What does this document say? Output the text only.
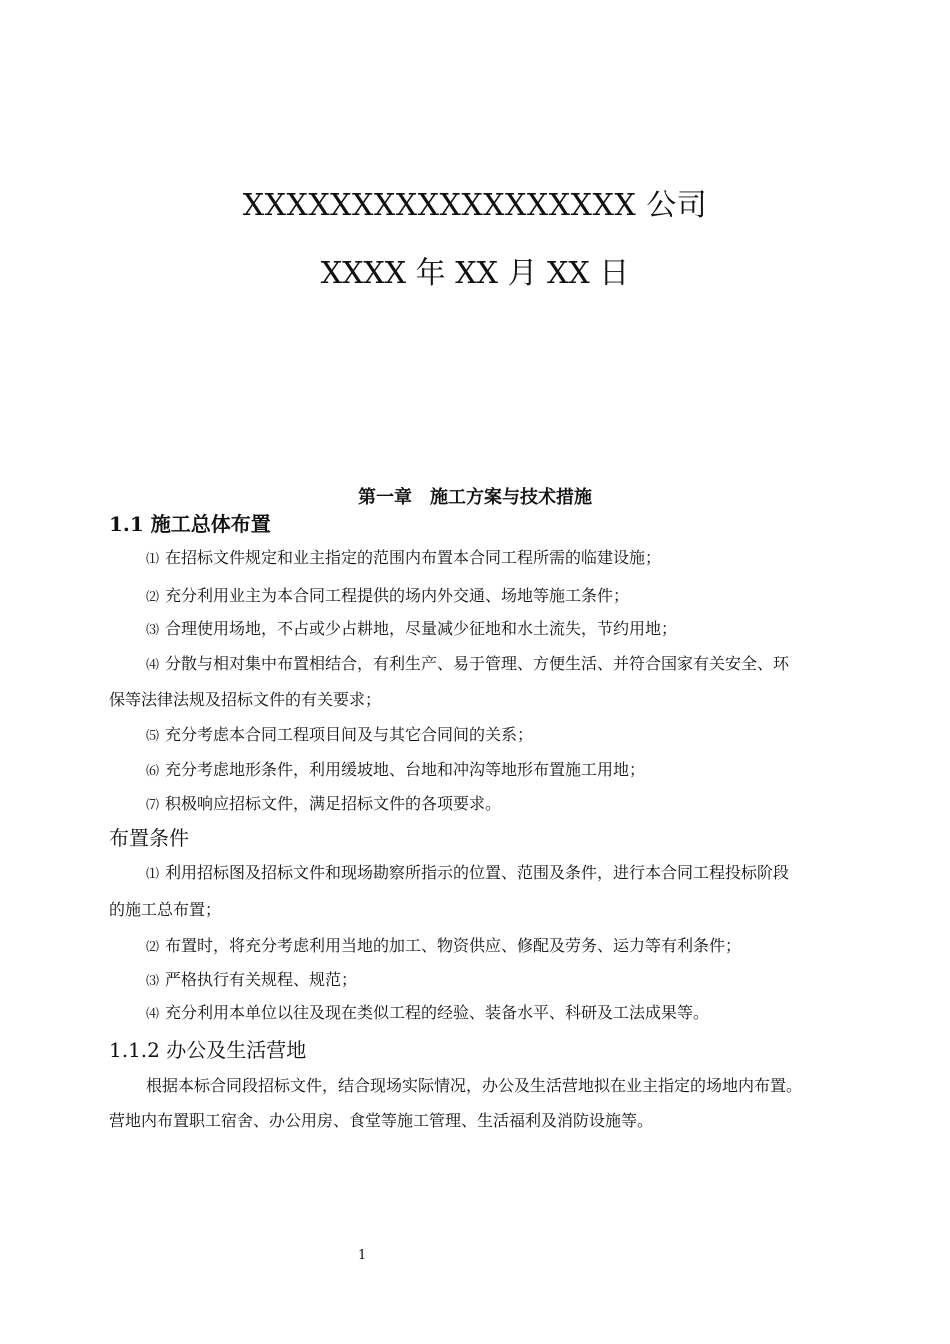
XXXXXXXXXXXXXXXXXX 公司
XXXX 年 XX 月 XX 日
第一章　施工方案与技术措施
1.1 施工总体布置
⑴ 在招标文件规定和业主指定的范围内布置本合同工程所需的临建设施；
⑵ 充分利用业主为本合同工程提供的场内外交通、场地等施工条件；
⑶ 合理使用场地，不占或少占耕地，尽量减少征地和水土流失，节约用地；
⑷ 分散与相对集中布置相结合，有利生产、易于管理、方便生活、并符合国家有关安全、环
保等法律法规及招标文件的有关要求；
⑸ 充分考虑本合同工程项目间及与其它合同间的关系；
⑹ 充分考虑地形条件，利用缓坡地、台地和冲沟等地形布置施工用地；
⑺ 积极响应招标文件，满足招标文件的各项要求。
布置条件
⑴ 利用招标图及招标文件和现场勘察所指示的位置、范围及条件，进行本合同工程投标阶段
的施工总布置；
⑵ 布置时，将充分考虑利用当地的加工、物资供应、修配及劳务、运力等有利条件；
⑶ 严格执行有关规程、规范；
⑷ 充分利用本单位以往及现在类似工程的经验、装备水平、科研及工法成果等。
1.1.2 办公及生活营地
根据本标合同段招标文件，结合现场实际情况，办公及生活营地拟在业主指定的场地内布置。
营地内布置职工宿舍、办公用房、食堂等施工管理、生活福利及消防设施等。
1
